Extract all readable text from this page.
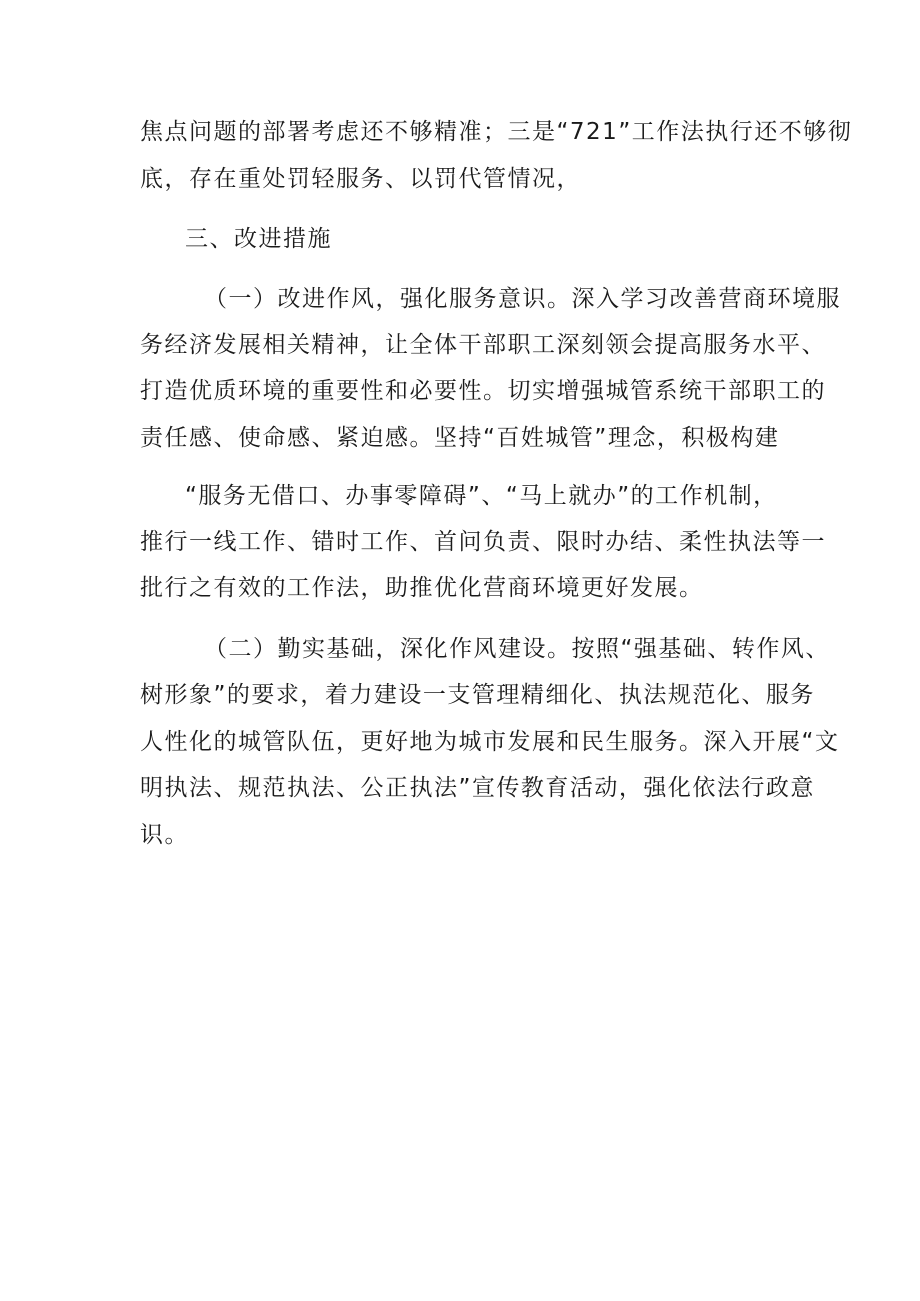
焦点问题的部署考虑还不够精准；三是“721”工作法执行还不够彻

底，存在重处罚轻服务、以罚代管情况，

三、改进措施

（一）改进作风，强化服务意识。深入学习改善营商环境服

务经济发展相关精神，让全体干部职工深刻领会提高服务水平、

打造优质环境的重要性和必要性。切实增强城管系统干部职工的

责任感、使命感、紧迫感。坚持“百姓城管”理念，积极构建

“服务无借口、办事零障碍”、“马上就办”的工作机制，

推行一线工作、错时工作、首问负责、限时办结、柔性执法等一

批行之有效的工作法，助推优化营商环境更好发展。

（二）勤实基础，深化作风建设。按照“强基础、转作风、

树形象”的要求，着力建设一支管理精细化、执法规范化、服务

人性化的城管队伍，更好地为城市发展和民生服务。深入开展“文

明执法、规范执法、公正执法”宣传教育活动，强化依法行政意

识。
